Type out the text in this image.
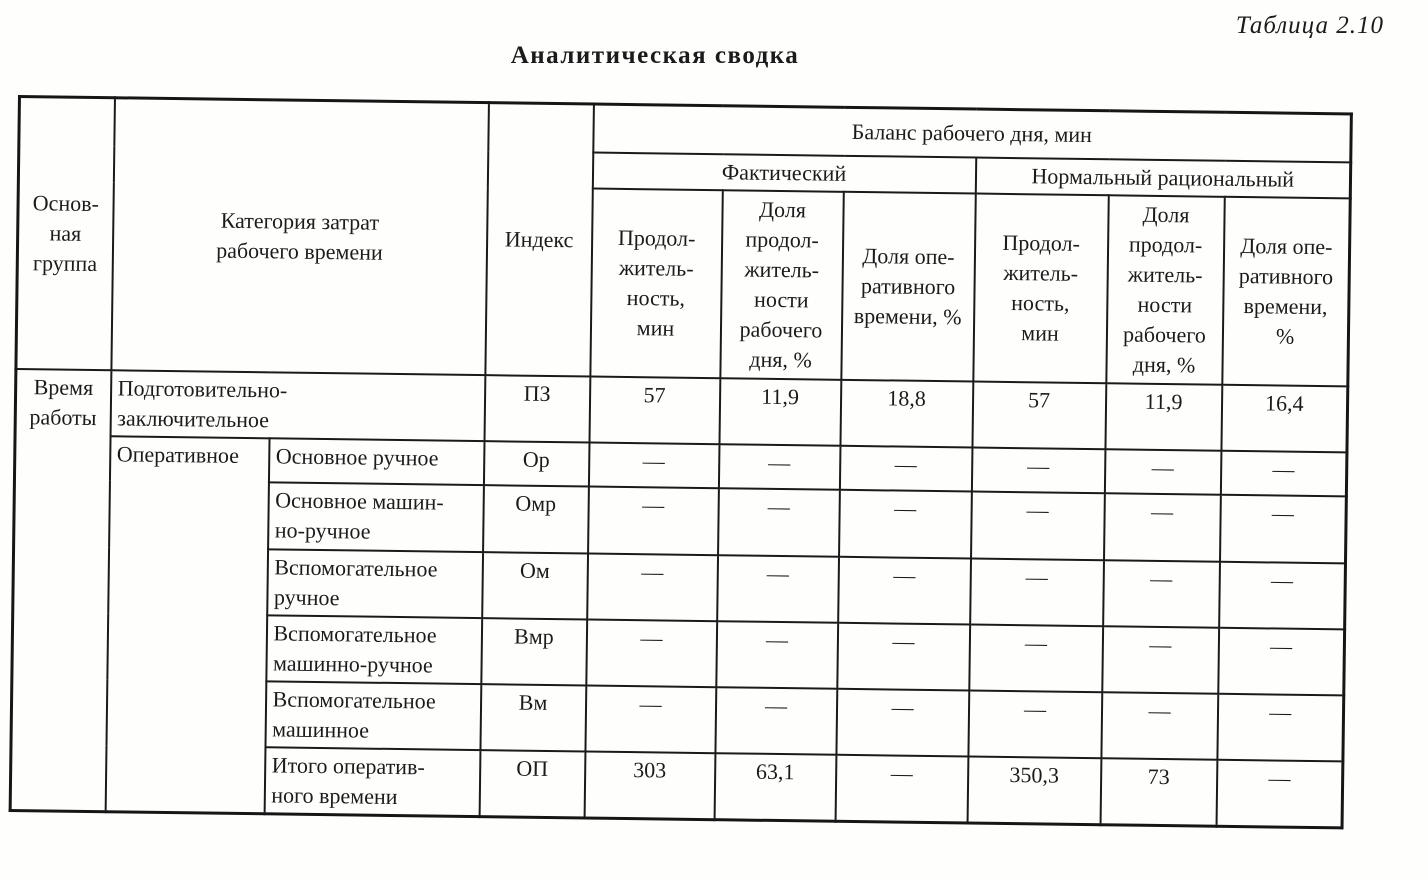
Таблица 2.10
Аналитическая сводка
Основ-
ная
группа	Категория затрат
рабочего времени		Индекс	Баланс рабочего дня, мин					
				Фактический			Нормальный рациональный		
Продол-
житель-
ность,
мин	Доля
продол-
житель-
ности
рабочего
дня, %	Доля опе-
ративного
времени, %	Продол-
житель-
ность,
мин	Доля
продол-
житель-
ности
рабочего
дня, %	Доля опе-
ративного
времени,
%
Время
работы	Подготовительно-
заключительное		ПЗ	57	11,9	18,8	57	11,9	16,4
	Оперативное	Основное ручное	Ор	—	—	—	—	—	—
		Основное машин-
но-ручное	Омр	—	—	—	—	—	—
		Вспомогательное
ручное	Ом	—	—	—	—	—	—
		Вспомогательное
машинно-ручное	Вмр	—	—	—	—	—	—
		Вспомогательное
машинное	Вм	—	—	—	—	—	—
		Итого оператив-
ного времени	ОП	303	63,1	—	350,3	73	—
